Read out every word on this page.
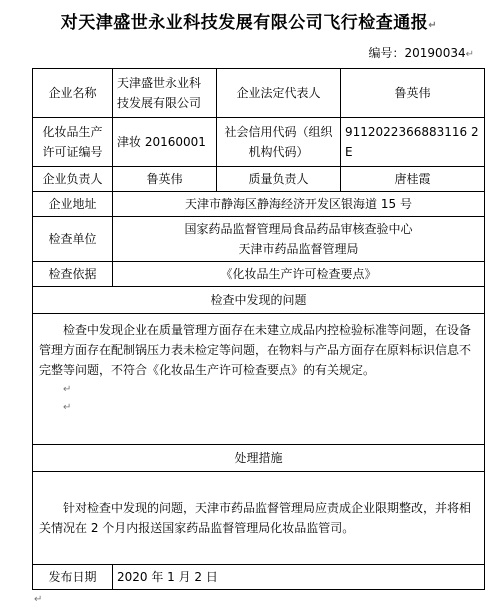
对天津盛世永业科技发展有限公司飞行检查通报↵
编号：20190034↵
企业名称	天津盛世永业科技发展有限公司	企业法定代表人	鲁英伟
化妆品生产许可证编号	津妆 20160001	社会信用代码（组织机构代码）	9112022366883116 2E
企业负责人	鲁英伟	质量负责人	唐桂霞
企业地址	天津市静海区静海经济开发区银海道 15 号		
检查单位	国家药品监督管理局食品药品审核查验中心
天津市药品监督管理局		

检查依据	《化妆品生产许可检查要点》		
检查中发现的问题			

检查中发现企业在质量管理方面存在未建立成品内控检验标准等问题，在设备管理方面存在配制锅压力表未检定等问题，在物料与产品方面存在原料标识信息不完整等问题，不符合《化妆品生产许可检查要点》的有关规定。
↵
↵			

处理措施			

针对检查中发现的问题，天津市药品监督管理局应责成企业限期整改，并将相关情况在 2 个月内报送国家药品监督管理局化妆品监管司。			

发布日期	2020 年 1 月 2 日		
↵
